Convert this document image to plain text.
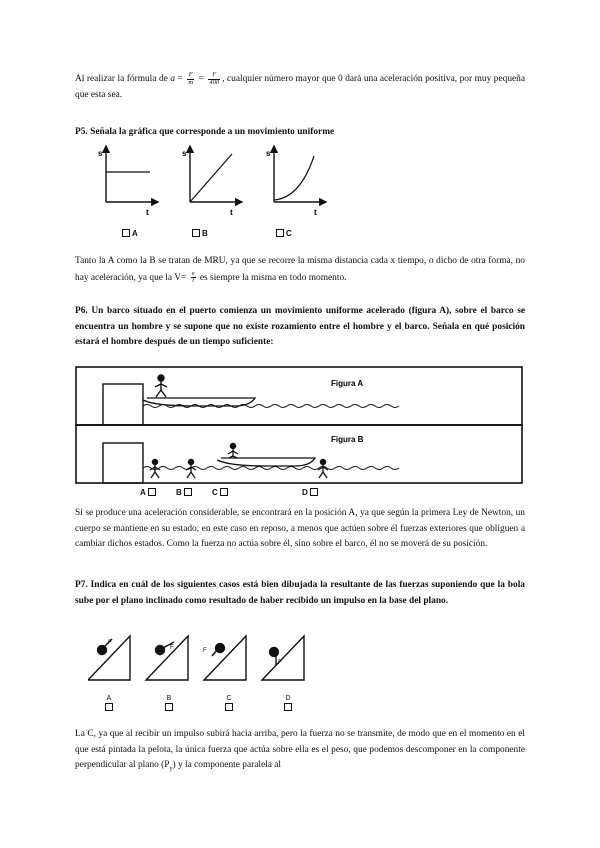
Al realizar la fórmula de $a = \frac{F}{m} = \frac{F}{400}$ , cualquier número mayor que 0 dará una aceleración positiva, por muy pequeña que esta sea.
P5. Señala la gráfica que corresponde a un movimiento uniforme
s
t
s
t
s
t
A	B	C
Tanto la A como la B se tratan de MRU, ya que se recorre la misma distancia cada x tiempo, o dicho de otra forma, no hay aceleración, ya que la $V= \frac{e}{t}$ es siempre la misma en todo momento.
P6. Un barco situado en el puerto comienza un movimiento uniforme acelerado (figura A), sobre el barco se encuentra un hombre y se supone que no existe rozamiento entre el hombre y el barco. Señala en qué posición estará el hombre después de un tiempo suficiente:
Figura A
Figura B
A	B	C	D
Si se produce una aceleración considerable, se encontrará en la posición A, ya que según la primera Ley de Newton, un cuerpo se mantiene en su estado, en este caso en reposo, a menos que actúen sobre él fuerzas exteriores que obliguen a cambiar dichos estados. Como la fuerza no actúa sobre él, sino sobre el barco, él no se moverá de su posición.
P7. Indica en cuál de los siguientes casos está bien dibujada la resultante de las fuerzas suponiendo que la bola sube por el plano inclinado como resultado de haber recibido un impulso en la base del plano.
F
F	F
F
A	B	C	D

La C, ya que al recibir un impulso subirá hacia arriba, pero la fuerza no se transmite, de modo que en el momento en el que está pintada la pelota, la única fuerza que actúa sobre ella es el peso, que podemos descomponer en la componente perpendicular al plano $(P_y)$ y la componente paralela al
